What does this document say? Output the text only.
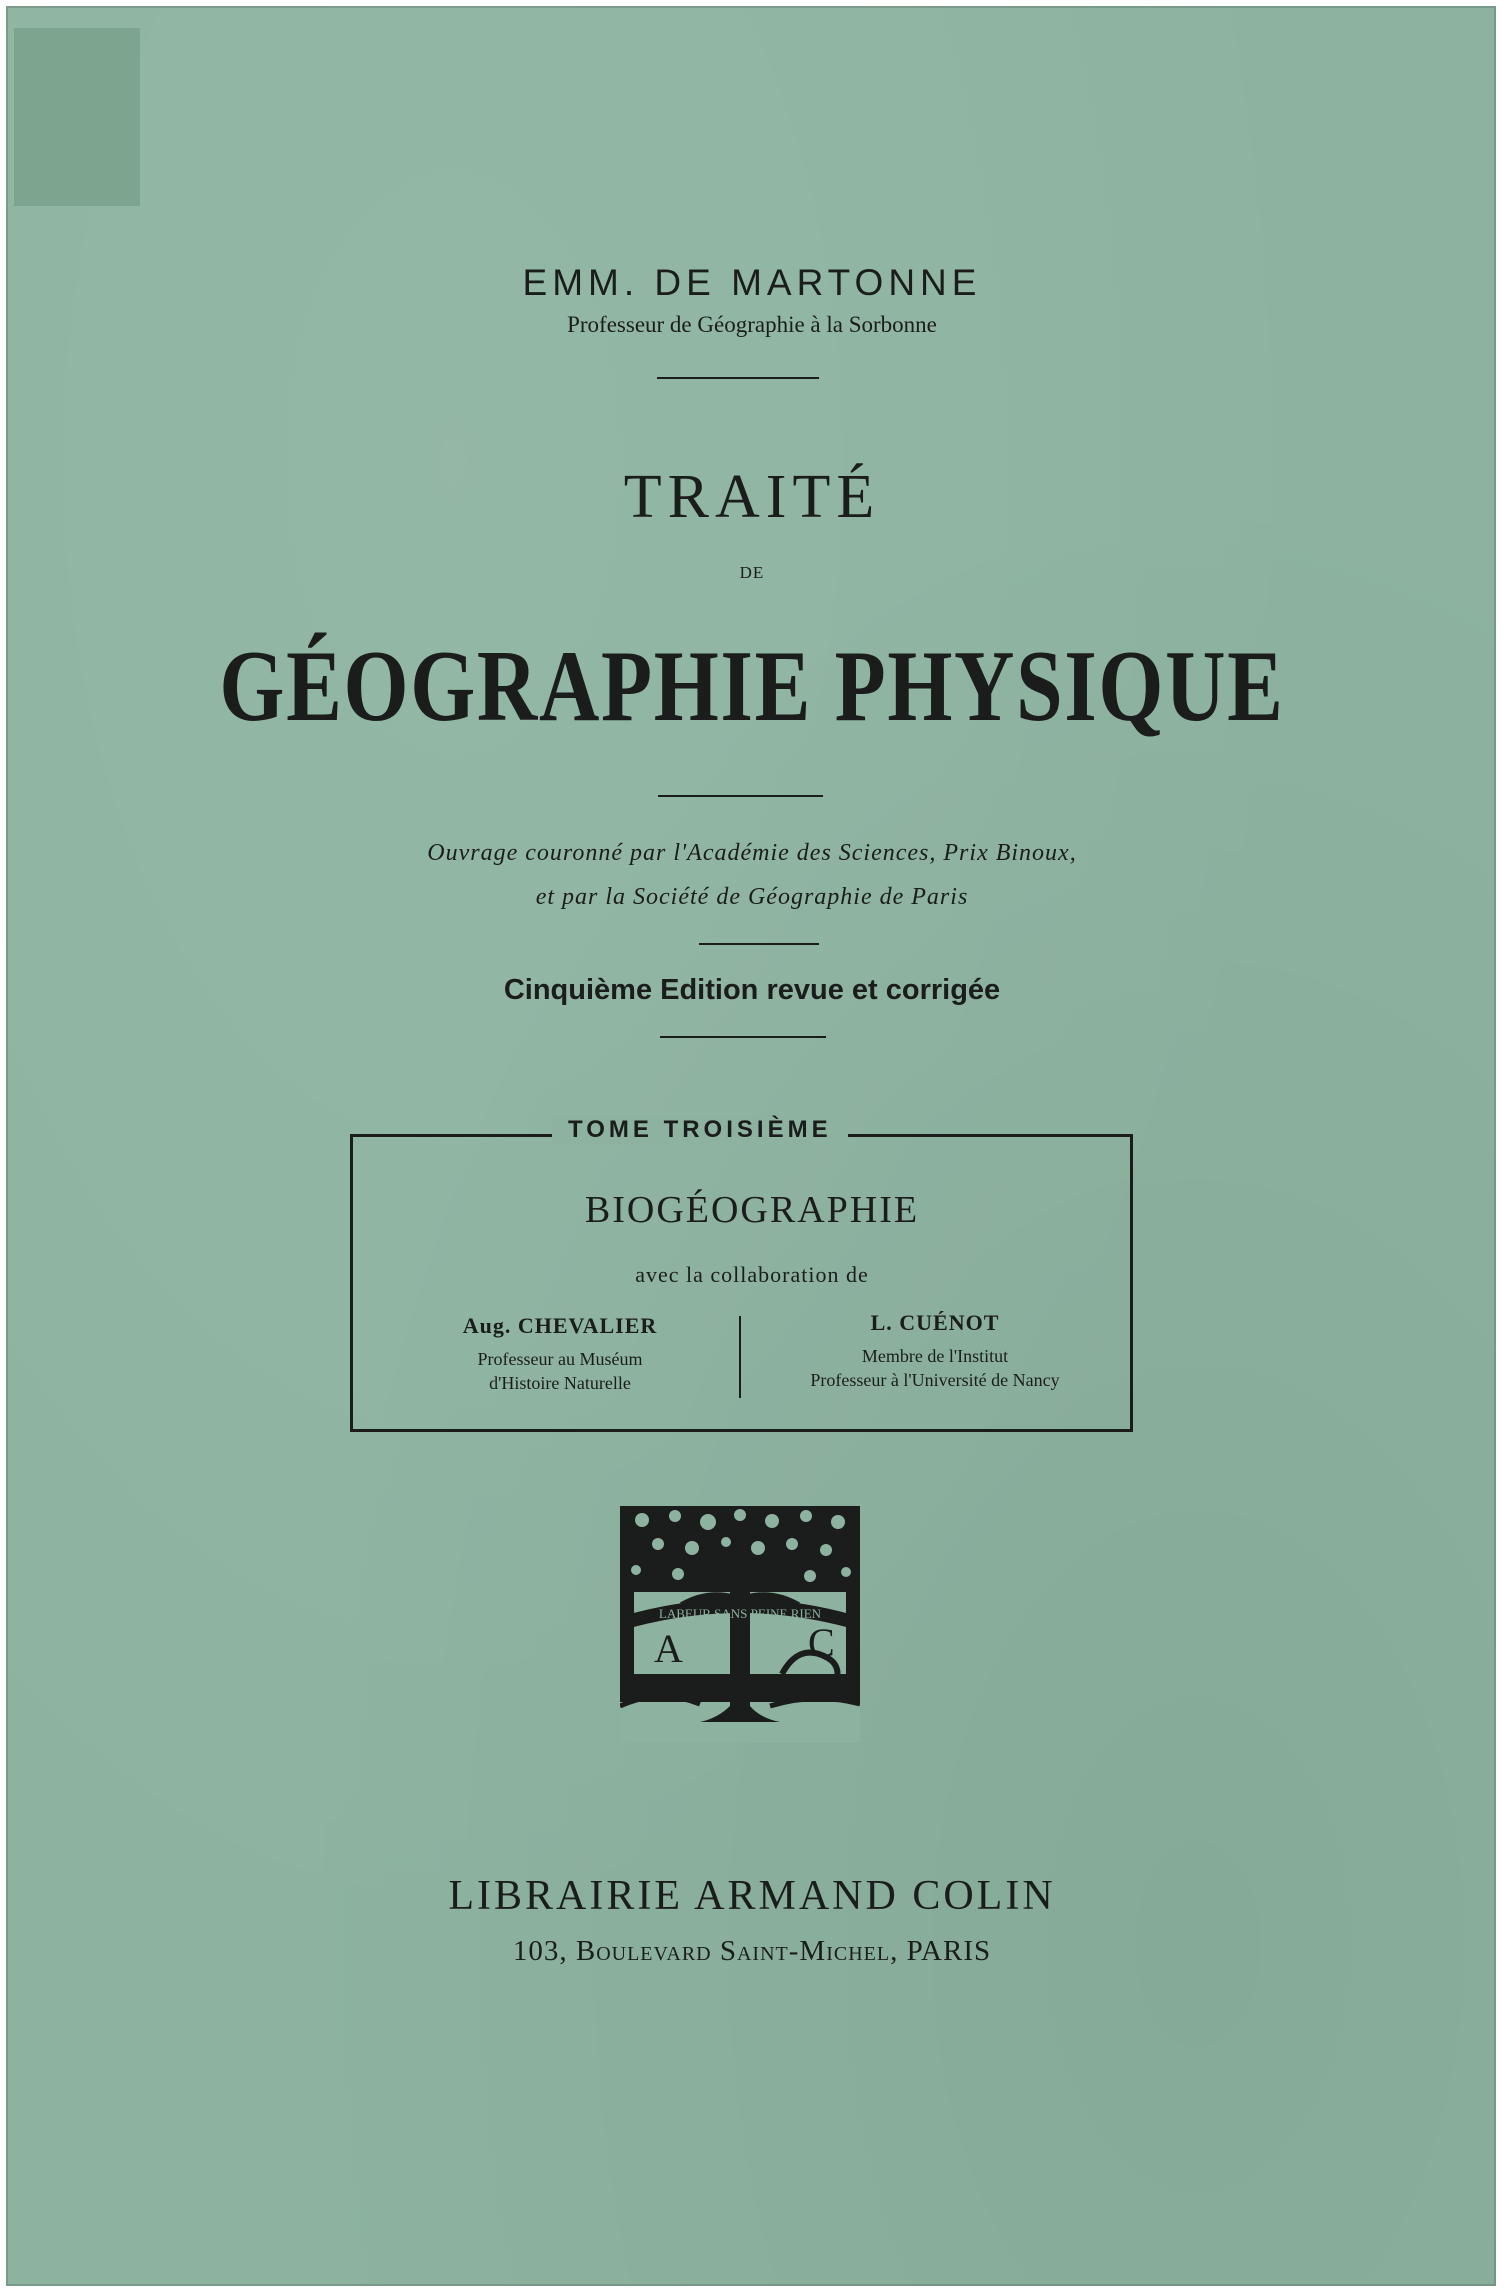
EMM. DE MARTONNE

Professeur de Géographie à la Sorbonne

TRAITÉ

DE

GÉOGRAPHIE PHYSIQUE

Ouvrage couronné par l'Académie des Sciences, Prix Binoux,

et par la Société de Géographie de Paris

Cinquième Edition revue et corrigée

TOME TROISIÈME

BIOGÉOGRAPHIE

avec la collaboration de

Aug. CHEVALIER
Professeur au Muséum
d'Histoire Naturelle
L. CUÉNOT
Membre de l'Institut
Professeur à l'Université de Nancy
A	C
LABEUR SANS PEINE RIEN

LIBRAIRIE ARMAND COLIN

103, Boulevard Saint-Michel, PARIS
